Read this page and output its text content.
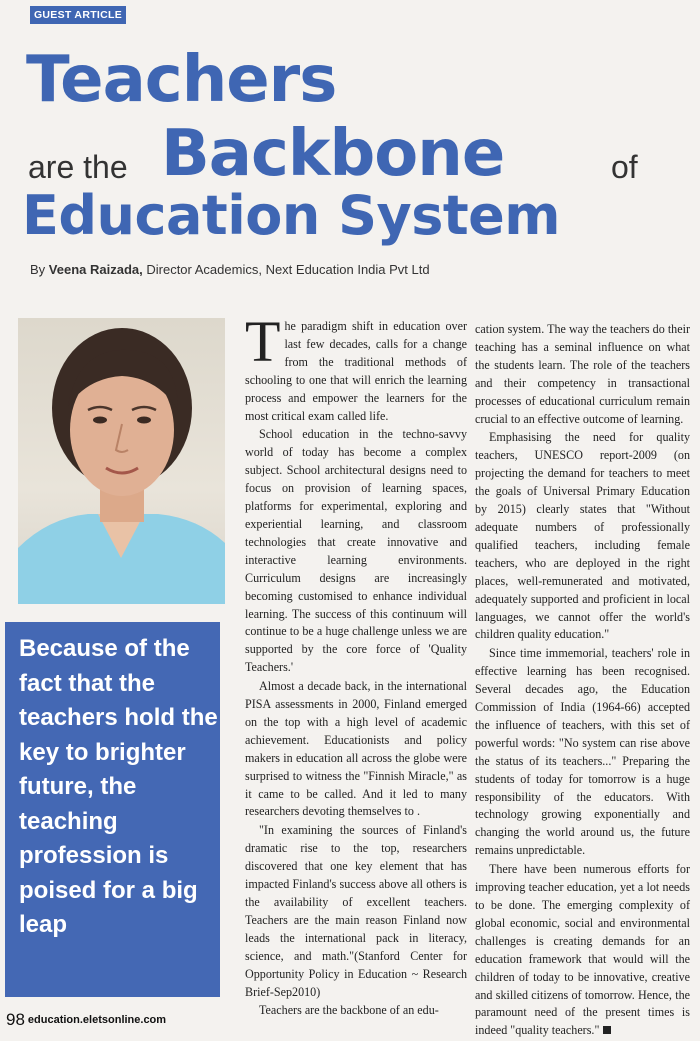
GUEST ARTICLE
Teachers
are the Backbone	of
Education System
By Veena Raizada, Director Academics, Next Education India Pvt Ltd
Because of the fact that the teachers hold the key to brighter future, the teaching profession is poised for a big leap

The paradigm shift in education over last few decades, calls for a change from the traditional methods of schooling to one that will enrich the learning process and empower the learners for the most critical exam called life.

School education in the techno-savvy world of today has become a complex subject. School architectural designs need to focus on provision of learning spaces, platforms for experimental, exploring and experiential learning, and classroom technologies that create innovative and interactive learning environments. Curriculum designs are increasingly becoming customised to enhance individual learning. The success of this continuum will continue to be a huge challenge unless we are supported by the core force of 'Quality Teachers.'

Almost a decade back, in the international PISA assessments in 2000, Finland emerged on the top with a high level of academic achievement. Educationists and policy makers in education all across the globe were surprised to witness the "Finnish Miracle," as it came to be called. And it led to many researchers devoting themselves to .

"In examining the sources of Finland's dramatic rise to the top, researchers discovered that one key element that has impacted Finland's success above all others is the availability of excellent teachers. Teachers are the main reason Finland now leads the international pack in literacy, science, and math."(Stanford Center for Opportunity Policy in Education ~ Research Brief-Sep2010)

Teachers are the backbone of an edu-

cation system. The way the teachers do their teaching has a seminal influence on what the students learn. The role of the teachers and their competency in transactional processes of educational curriculum remain crucial to an effective outcome of learning.

Emphasising the need for quality teachers, UNESCO report-2009 (on projecting the demand for teachers to meet the goals of Universal Primary Education by 2015) clearly states that "Without adequate numbers of professionally qualified teachers, including female teachers, who are deployed in the right places, well-remunerated and motivated, adequately supported and proficient in local languages, we cannot offer the world's children quality education."

Since time immemorial, teachers' role in effective learning has been recognised. Several decades ago, the Education Commission of India (1964-66) accepted the influence of teachers, with this set of powerful words: "No system can rise above the status of its teachers..." Preparing the students of today for tomorrow is a huge responsibility of the educators. With technology growing exponentially and changing the world around us, the future remains unpredictable.

There have been numerous efforts for improving teacher education, yet a lot needs to be done. The emerging complexity of global economic, social and environmental challenges is creating demands for an education framework that would will the children of today to be innovative, creative and skilled citizens of tomorrow. Hence, the paramount need of the present times is indeed "quality teachers."

98 education.eletsonline.com
